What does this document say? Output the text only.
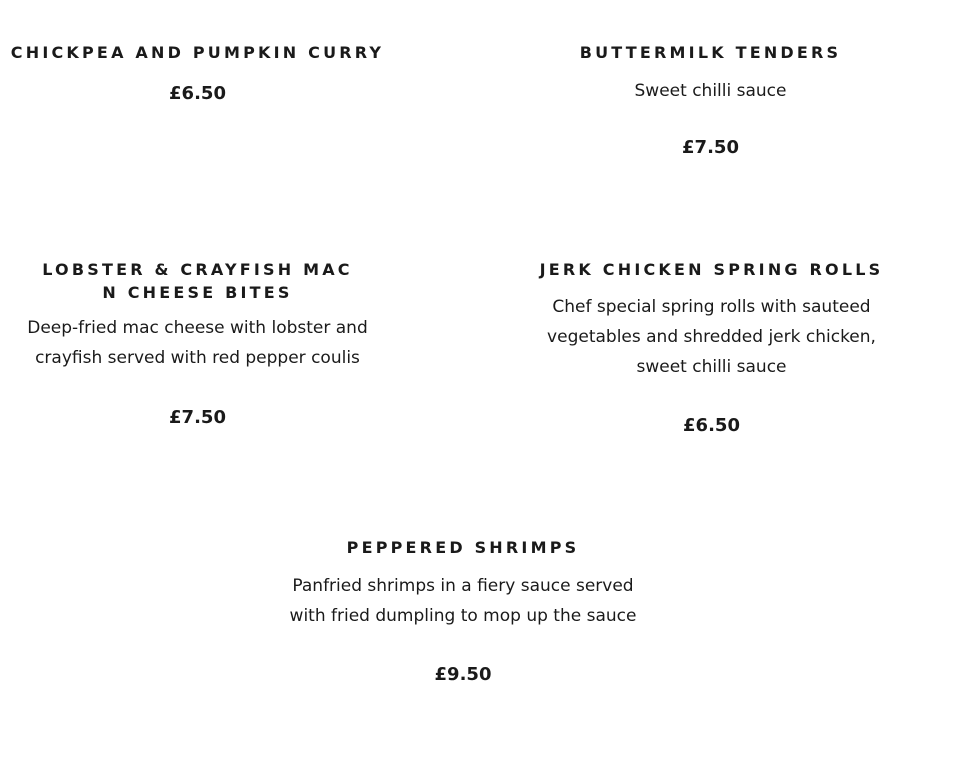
CHICKPEA AND PUMPKIN CURRY

£6.50

BUTTERMILK TENDERS

Sweet chilli sauce

£7.50

LOBSTER & CRAYFISH MAC N CHEESE BITES

Deep-fried mac cheese with lobster and
crayfish served with red pepper coulis

£7.50

JERK CHICKEN SPRING ROLLS

Chef special spring rolls with sauteed
vegetables and shredded jerk chicken,
sweet chilli sauce

£6.50

PEPPERED SHRIMPS

Panfried shrimps in a fiery sauce served
with fried dumpling to mop up the sauce

£9.50
